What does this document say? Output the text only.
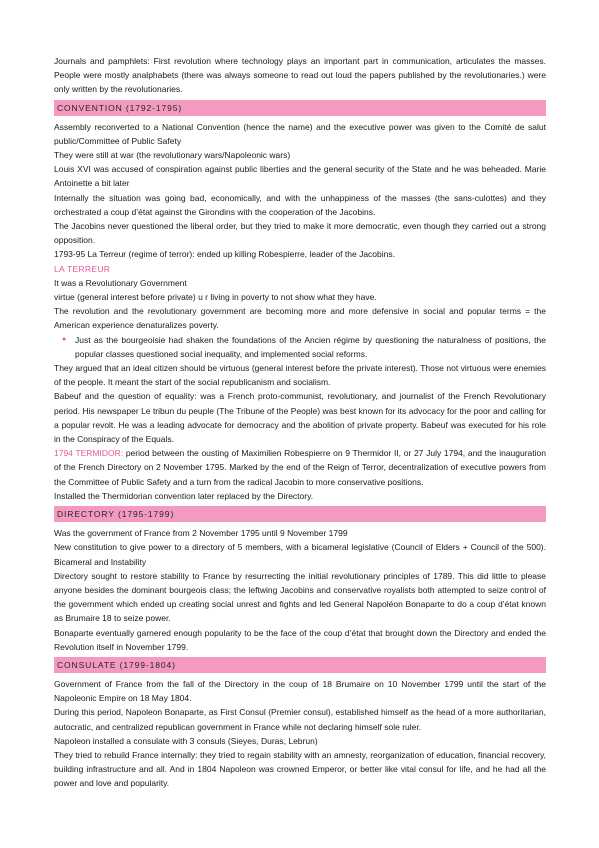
Journals and pamphlets: First revolution where technology plays an important part in communication, articulates the masses. People were mostly analphabets (there was always someone to read out loud the papers published by the revolutionaries.) were only written by the revolutionaries.

CONVENTION (1792-1795)

Assembly reconverted to a National Convention (hence the name) and the executive power was given to the Comité de salut public/Committee of Public Safety

They were still at war (the revolutionary wars/Napoleonic wars)

Louis XVI was accused of conspiration against public liberties and the general security of the State and he was beheaded. Marie Antoinette a bit later

Internally the situation was going bad, economically, and with the unhappiness of the masses (the sans-culottes) and they orchestrated a coup d’état against the Girondins with the cooperation of the Jacobins.

The Jacobins never questioned the liberal order, but they tried to make it more democratic, even though they carried out a strong opposition.

1793-95 La Terreur (regime of terror): ended up killing Robespierre, leader of the Jacobins.

LA TERREUR

It was a Revolutionary Government

virtue (general interest before private) u r living in poverty to not show what they have.

The revolution and the revolutionary government are becoming more and more defensive in social and popular terms = the American experience denaturalizes poverty.

●	Just as the bourgeoisie had shaken the foundations of the Ancien régime by questioning the naturalness of positions, the popular classes questioned social inequality, and implemented social reforms.

They argued that an ideal citizen should be virtuous (general interest before the private interest). Those not virtuous were enemies of the people. It meant the start of the social republicanism and socialism.

Babeuf and the question of equality: was a French proto-communist, revolutionary, and journalist of the French Revolutionary period. His newspaper Le tribun du peuple (The Tribune of the People) was best known for its advocacy for the poor and calling for a popular revolt. He was a leading advocate for democracy and the abolition of private property. Babeuf was executed for his role in the Conspiracy of the Equals.

1794 TERMIDOR: period between the ousting of Maximilien Robespierre on 9 Thermidor II, or 27 July 1794, and the inauguration of the French Directory on 2 November 1795. Marked by the end of the Reign of Terror, decentralization of executive powers from the Committee of Public Safety and a turn from the radical Jacobin to more conservative positions.

Installed the Thermidorian convention later replaced by the Directory.

DIRECTORY (1795-1799)

Was the government of France from 2 November 1795 until 9 November 1799

New constitution to give power to a directory of 5 members, with a bicameral legislative (Council of Elders + Council of the 500). Bicameral and Instability

Directory sought to restore stability to France by resurrecting the initial revolutionary principles of 1789. This did little to please anyone besides the dominant bourgeois class; the leftwing Jacobins and conservative royalists both attempted to seize control of the government which ended up creating social unrest and fights and led General Napoléon Bonaparte to do a coup d’état known as Brumaire 18 to seize power.

Bonaparte eventually garnered enough popularity to be the face of the coup d’état that brought down the Directory and ended the Revolution itself in November 1799.

CONSULATE (1799-1804)

Government of France from the fall of the Directory in the coup of 18 Brumaire on 10 November 1799 until the start of the Napoleonic Empire on 18 May 1804.

During this period, Napoleon Bonaparte, as First Consul (Premier consul), established himself as the head of a more authoritarian, autocratic, and centralized republican government in France while not declaring himself sole ruler.

Napoleon installed a consulate with 3 consuls (Sieyes, Duras, Lebrun)

They tried to rebuild France internally: they tried to regain stability with an amnesty, reorganization of education, financial recovery, building infrastructure and all. And in 1804 Napoleon was crowned Emperor, or better like vital consul for life, and he had all the power and love and popularity.
